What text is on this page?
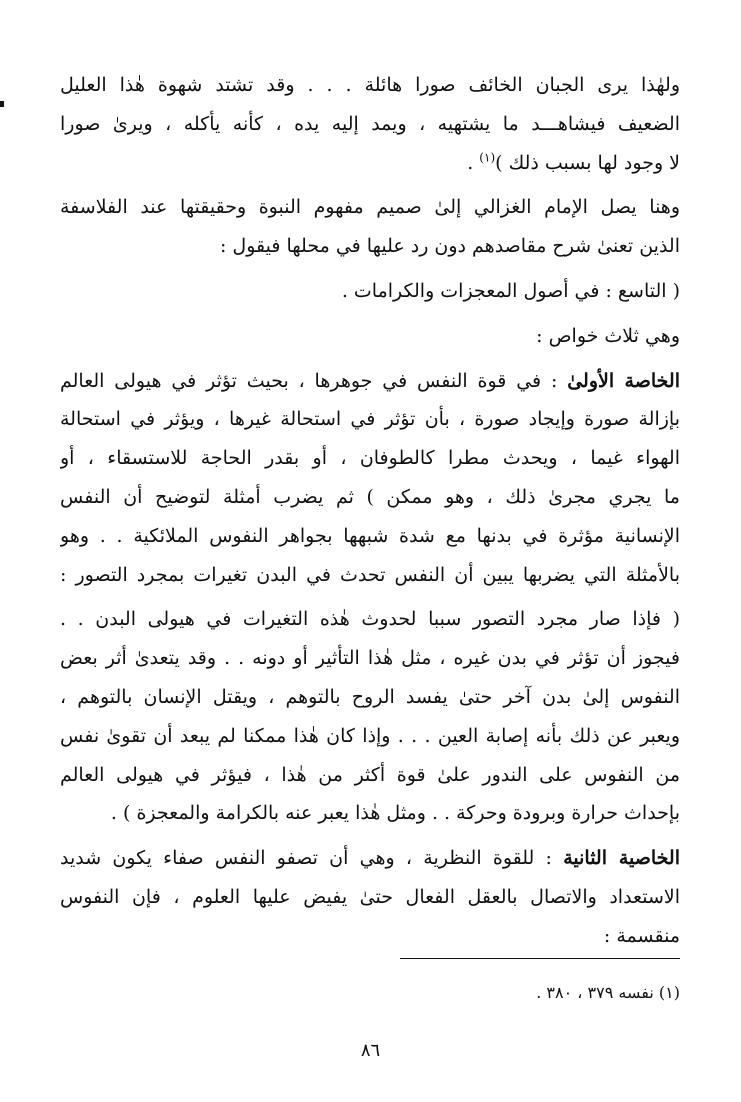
ولهٰذا يرى الجبان الخائف صورا هائلة . . . وقد تشتد شهوة هٰذا العليل
الضعيف فيشاهـــد ما يشتهيه ، ويمد إليه يده ، كأنه يأكله ، ويرىٰ صورا
لا وجود لها بسبب ذلك )$^{(١)}$ .

وهنا يصل الإمام الغزالي إلىٰ صميم مفهوم النبوة وحقيقتها عند الفلاسفة
الذين تعنىٰ شرح مقاصدهم دون رد عليها في محلها فيقول :

( التاسع : في أصول المعجزات والكرامات .

وهي ثلاث خواص :

الخاصة الأولىٰ : في قوة النفس في جوهرها ، بحيث تؤثر في هيولى العالم
بإزالة صورة وإيجاد صورة ، بأن تؤثر في استحالة غيرها ، ويؤثر في استحالة
الهواء غيما ، ويحدث مطرا كالطوفان ، أو بقدر الحاجة للاستسقاء ، أو
ما يجري مجرىٰ ذلك ، وهو ممكن ) ثم يضرب أمثلة لتوضيح أن النفس
الإنسانية مؤثرة في بدنها مع شدة شبهها بجواهر النفوس الملائكية . . وهو
بالأمثلة التي يضربها يبين أن النفس تحدث في البدن تغيرات بمجرد التصور :

( فإذا صار مجرد التصور سببا لحدوث هٰذه التغيرات في هيولى البدن . .
فيجوز أن تؤثر في بدن غيره ، مثل هٰذا التأثير أو دونه . . وقد يتعدىٰ أثر بعض
النفوس إلىٰ بدن آخر حتىٰ يفسد الروح بالتوهم ، ويقتل الإنسان بالتوهم ،
ويعبر عن ذلك بأنه إصابة العين . . . وإذا كان هٰذا ممكنا لم يبعد أن تقوىٰ نفس
من النفوس على الندور علىٰ قوة أكثر من هٰذا ، فيؤثر في هيولى العالم
بإحداث حرارة وبرودة وحركة . . ومثل هٰذا يعبر عنه بالكرامة والمعجزة ) .

الخاصية الثانية : للقوة النظرية ، وهي أن تصفو النفس صفاء يكون شديد
الاستعداد والاتصال بالعقل الفعال حتىٰ يفيض عليها العلوم ، فإن النفوس
منقسمة :

(١) نفسه ٣٧٩ ، ٣٨٠ .
٨٦
